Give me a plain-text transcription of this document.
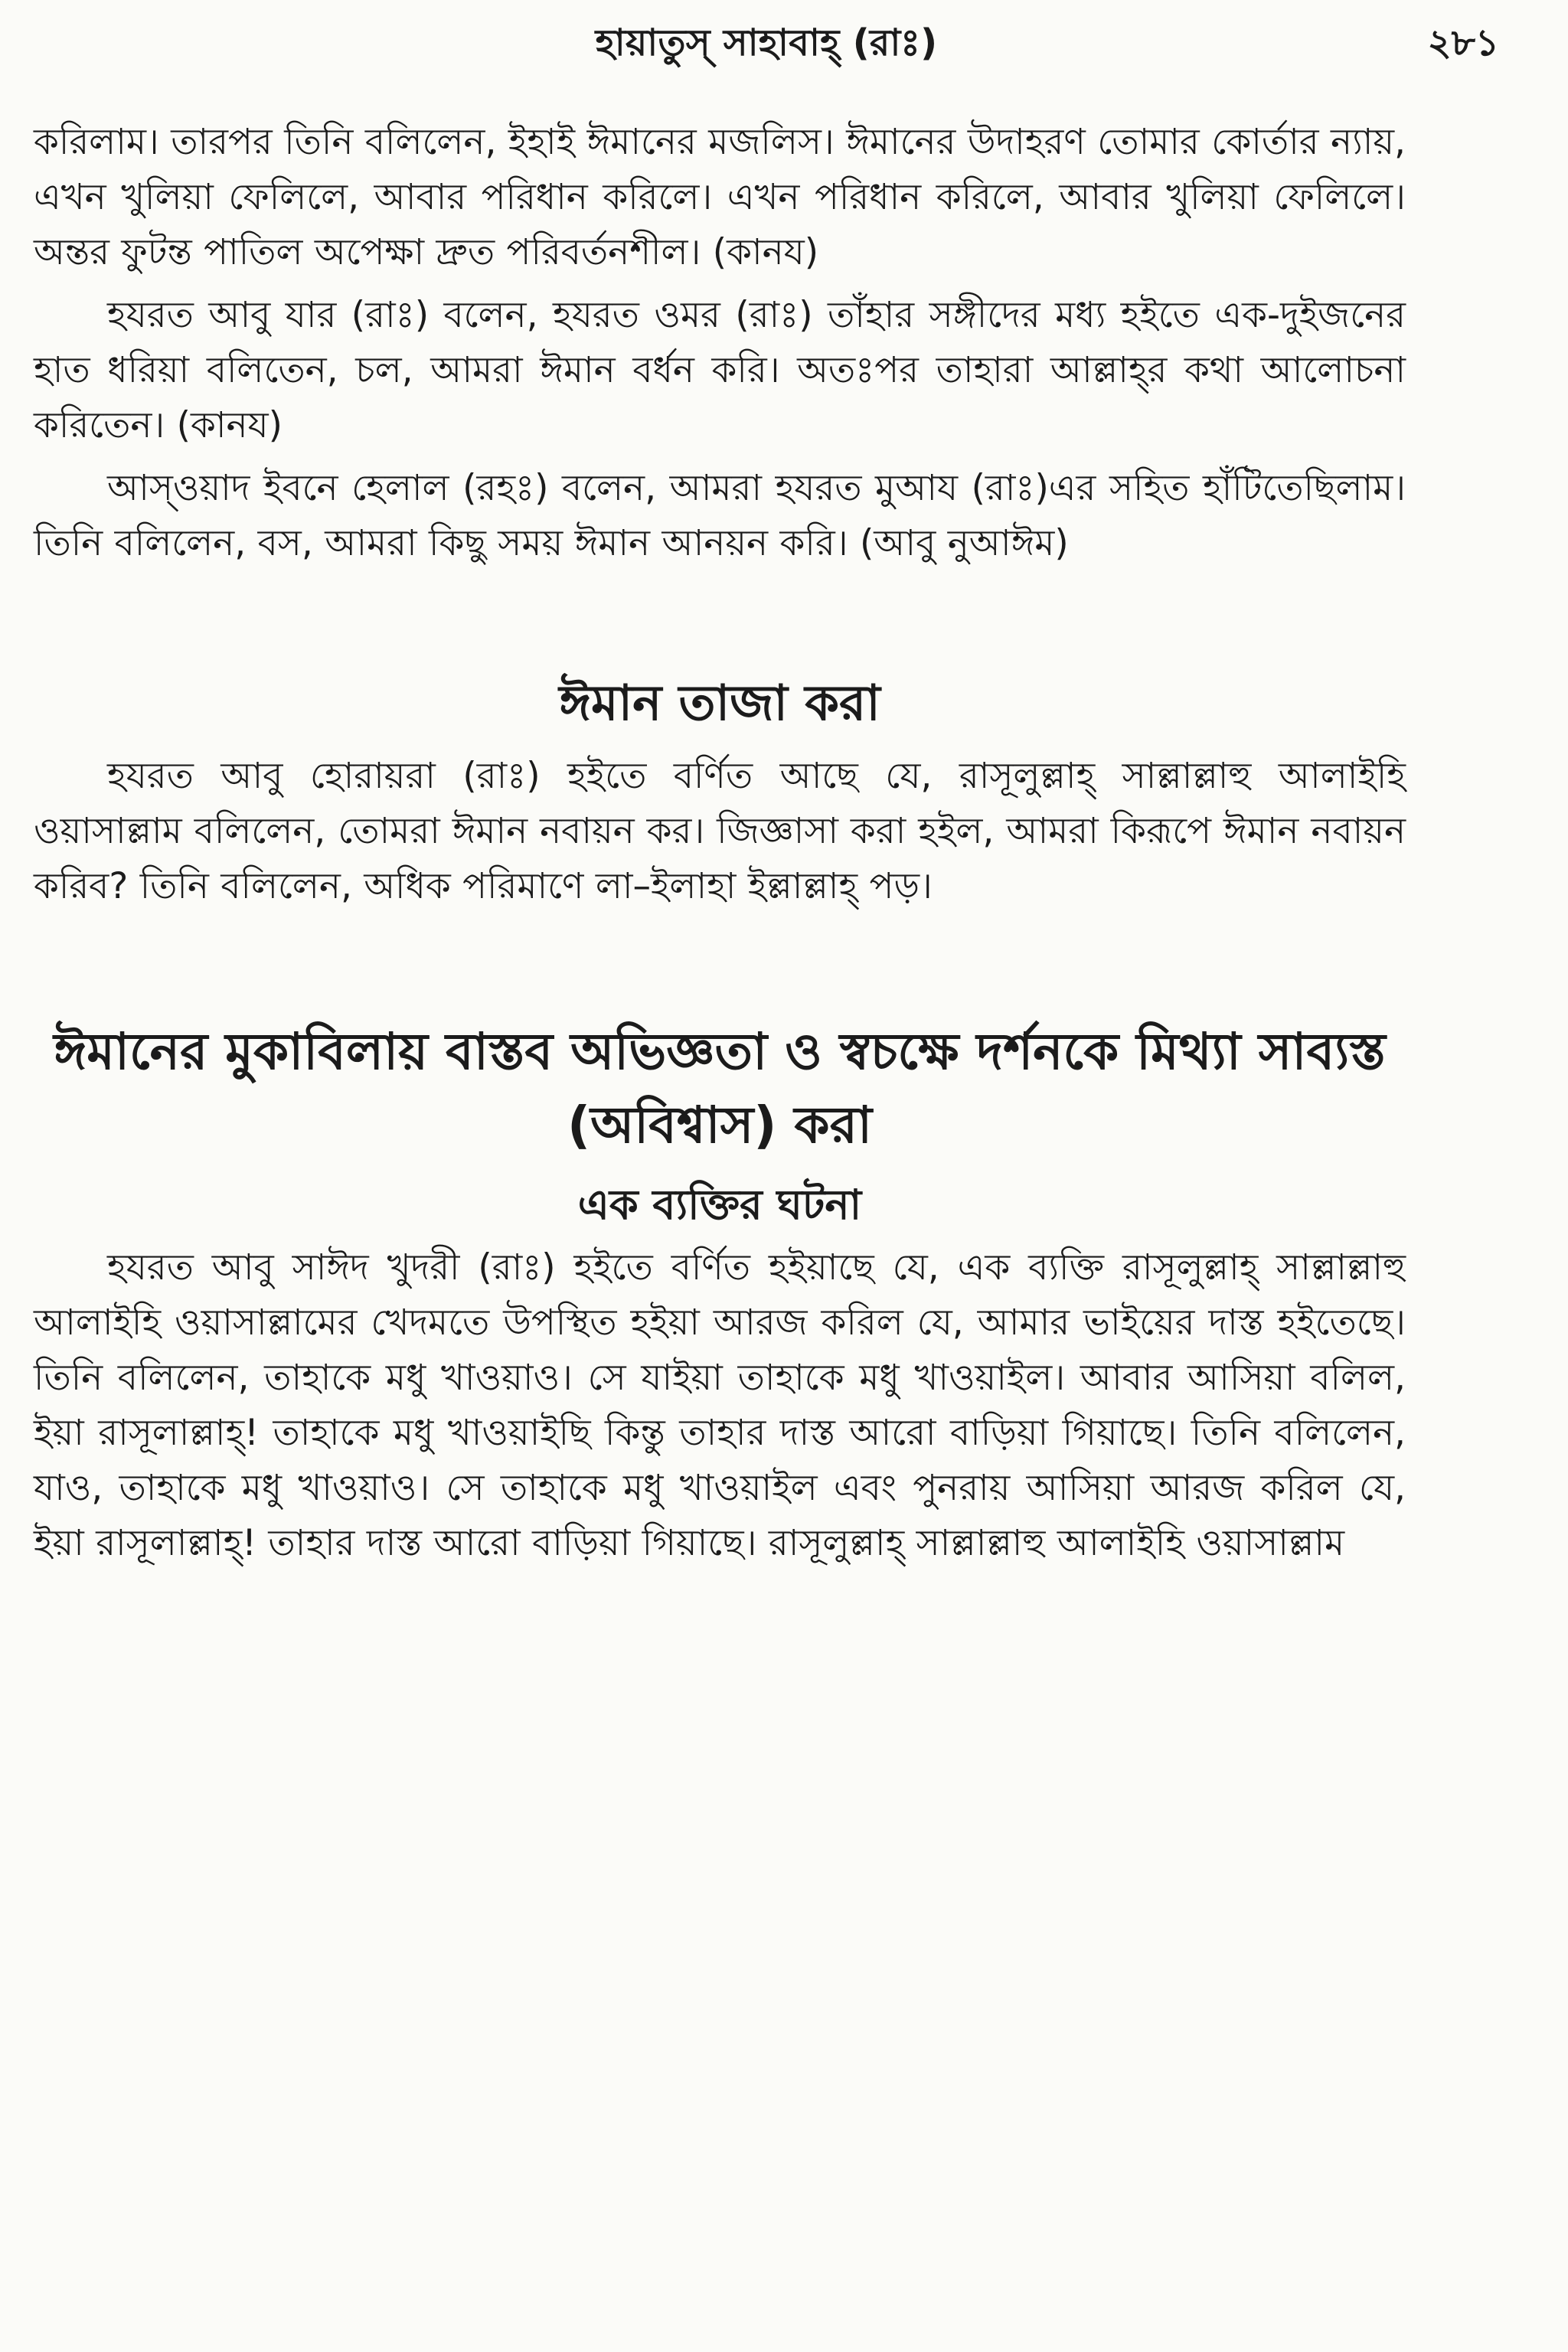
হায়াতুস্ সাহাবাহ্ (রাঃ)	২৮১

করিলাম। তারপর তিনি বলিলেন, ইহাই ঈমানের মজলিস। ঈমানের উদাহরণ তোমার কোর্তার ন্যায়, এখন খুলিয়া ফেলিলে, আবার পরিধান করিলে। এখন পরিধান করিলে, আবার খুলিয়া ফেলিলে। অন্তর ফুটন্ত পাতিল অপেক্ষা দ্রুত পরিবর্তনশীল। (কানয)

হযরত আবু যার (রাঃ) বলেন, হযরত ওমর (রাঃ) তাঁহার সঙ্গীদের মধ্য হইতে এক-দুইজনের হাত ধরিয়া বলিতেন, চল, আমরা ঈমান বর্ধন করি। অতঃপর তাহারা আল্লাহ্‌র কথা আলোচনা করিতেন। (কানয)

আস্‌ওয়াদ ইবনে হেলাল (রহঃ) বলেন, আমরা হযরত মুআয (রাঃ)এর সহিত হাঁটিতেছিলাম। তিনি বলিলেন, বস, আমরা কিছু সময় ঈমান আনয়ন করি। (আবু নুআঈম)

ঈমান তাজা করা

হযরত আবু হোরায়রা (রাঃ) হইতে বর্ণিত আছে যে, রাসূলুল্লাহ্ সাল্লাল্লাহু আলাইহি ওয়াসাল্লাম বলিলেন, তোমরা ঈমান নবায়ন কর। জিজ্ঞাসা করা হইল, আমরা কিরূপে ঈমান নবায়ন করিব? তিনি বলিলেন, অধিক পরিমাণে লা–ইলাহা ইল্লাল্লাহ্ পড়।

ঈমানের মুকাবিলায় বাস্তব অভিজ্ঞতা ও স্বচক্ষে দর্শনকে মিথ্যা সাব্যস্ত (অবিশ্বাস) করা
এক ব্যক্তির ঘটনা

হযরত আবু সাঈদ খুদরী (রাঃ) হইতে বর্ণিত হইয়াছে যে, এক ব্যক্তি রাসূলুল্লাহ্ সাল্লাল্লাহু আলাইহি ওয়াসাল্লামের খেদমতে উপস্থিত হইয়া আরজ করিল যে, আমার ভাইয়ের দাস্ত হইতেছে। তিনি বলিলেন, তাহাকে মধু খাওয়াও। সে যাইয়া তাহাকে মধু খাওয়াইল। আবার আসিয়া বলিল, ইয়া রাসূলাল্লাহ্! তাহাকে মধু খাওয়াইছি কিন্তু তাহার দাস্ত আরো বাড়িয়া গিয়াছে। তিনি বলিলেন, যাও, তাহাকে মধু খাওয়াও। সে তাহাকে মধু খাওয়াইল এবং পুনরায় আসিয়া আরজ করিল যে, ইয়া রাসূলাল্লাহ্! তাহার দাস্ত আরো বাড়িয়া গিয়াছে। রাসূলুল্লাহ্ সাল্লাল্লাহু আলাইহি ওয়াসাল্লাম
